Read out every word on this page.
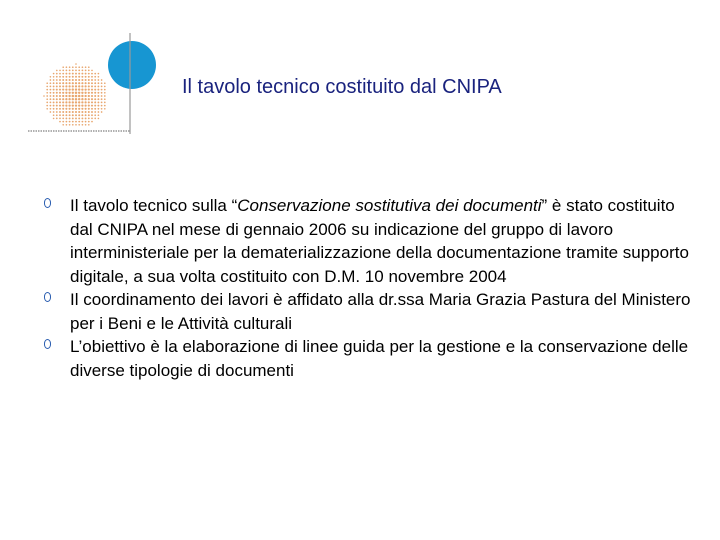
Il tavolo tecnico costituito dal CNIPA
Il tavolo tecnico sulla “Conservazione sostitutiva dei documenti” è stato costituito dal CNIPA nel mese di gennaio 2006 su indicazione del gruppo di lavoro interministeriale per la dematerializzazione della documentazione tramite supporto digitale, a sua volta costituito con D.M. 10 novembre 2004
Il coordinamento dei lavori è affidato alla dr.ssa Maria Grazia Pastura del Ministero per i Beni e le Attività culturali
L’obiettivo è la elaborazione di linee guida per la gestione e la conservazione delle diverse tipologie di documenti
